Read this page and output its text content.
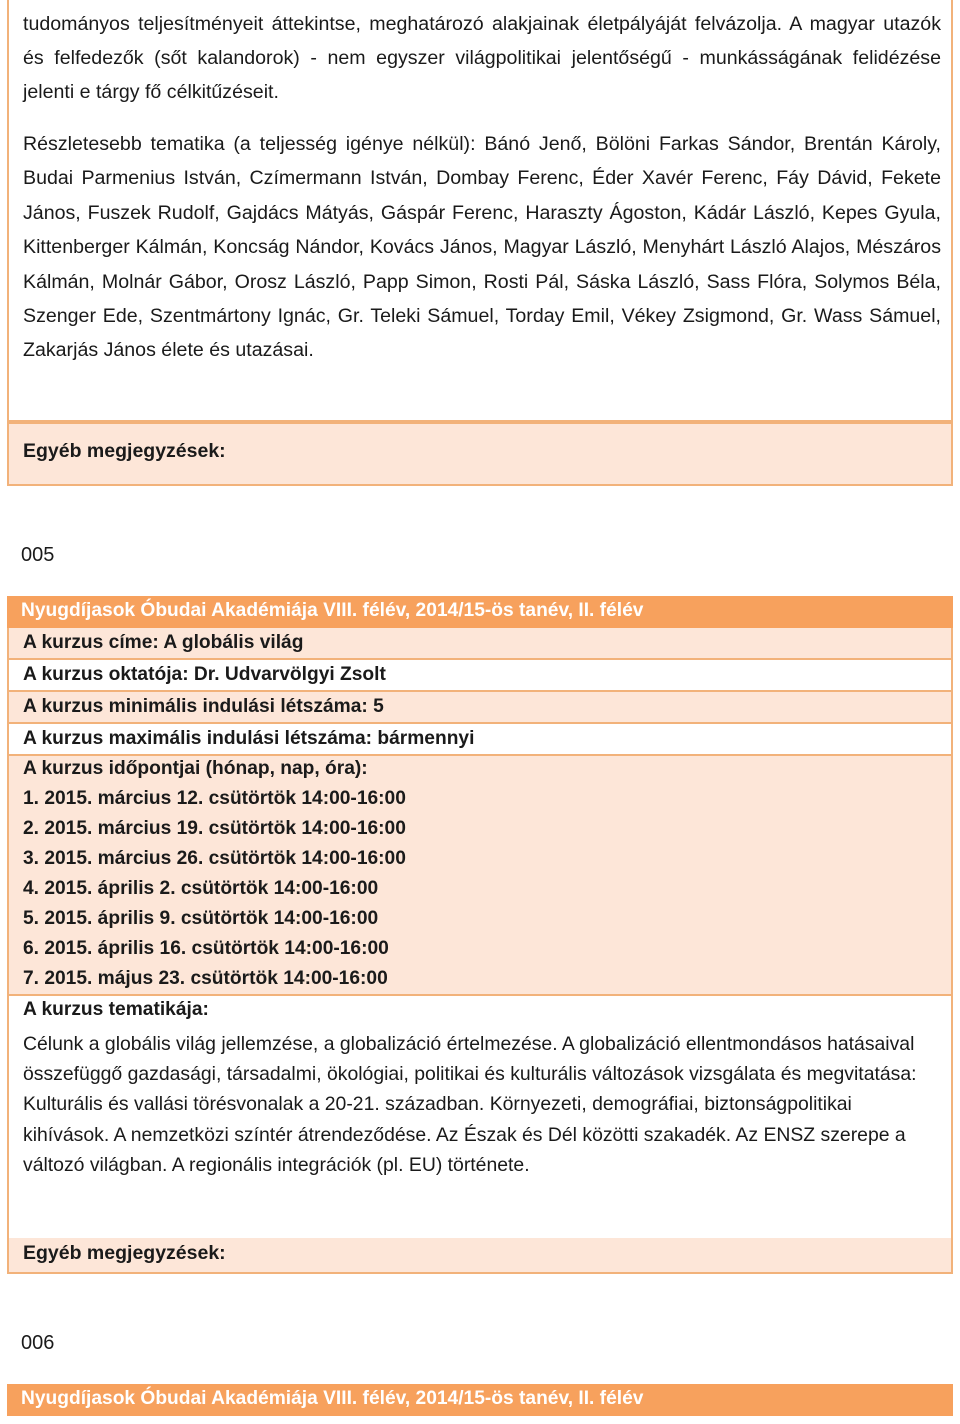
tudományos teljesítményeit áttekintse, meghatározó alakjainak életpályáját felvázolja. A magyar utazók és felfedezők (sőt kalandorok) - nem egyszer világpolitikai jelentőségű - munkásságának felidézése jelenti e tárgy fő célkitűzéseit.
Részletesebb tematika (a teljesség igénye nélkül): Bánó Jenő, Bölöni Farkas Sándor, Brentán Károly, Budai Parmenius István, Czímermann István, Dombay Ferenc, Éder Xavér Ferenc, Fáy Dávid, Fekete János, Fuszek Rudolf, Gajdács Mátyás, Gáspár Ferenc, Haraszty Ágoston, Kádár László, Kepes Gyula, Kittenberger Kálmán, Koncság Nándor, Kovács János, Magyar László, Menyhárt László Alajos, Mészáros Kálmán, Molnár Gábor, Orosz László, Papp Simon, Rosti Pál, Sáska László, Sass Flóra, Solymos Béla, Szenger Ede, Szentmártony Ignác, Gr. Teleki Sámuel, Torday Emil, Vékey Zsigmond, Gr. Wass Sámuel, Zakarjás János élete és utazásai.
Egyéb megjegyzések:
005
Nyugdíjasok Óbudai Akadémiája VIII. félév, 2014/15-ös tanév, II. félév
A kurzus címe: A globális világ
A kurzus oktatója: Dr. Udvarvölgyi Zsolt
A kurzus minimális indulási létszáma: 5
A kurzus maximális indulási létszáma: bármennyi
A kurzus időpontjai (hónap, nap, óra):
1. 2015. március 12. csütörtök 14:00-16:00
2. 2015. március 19. csütörtök 14:00-16:00
3. 2015. március 26. csütörtök 14:00-16:00
4. 2015. április 2. csütörtök 14:00-16:00
5. 2015. április 9. csütörtök 14:00-16:00
6. 2015. április 16. csütörtök 14:00-16:00
7. 2015. május 23. csütörtök 14:00-16:00
A kurzus tematikája:
Célunk a globális világ jellemzése, a globalizáció értelmezése. A globalizáció ellentmondásos hatásaival összefüggő gazdasági, társadalmi, ökológiai, politikai és kulturális változások vizsgálata és megvitatása: Kulturális és vallási törésvonalak a 20-21. században. Környezeti, demográfiai, biztonságpolitikai kihívások. A nemzetközi színtér átrendeződése. Az Észak és Dél közötti szakadék. Az ENSZ szerepe a változó világban. A regionális integrációk (pl. EU) története.
Egyéb megjegyzések:
006
Nyugdíjasok Óbudai Akadémiája VIII. félév, 2014/15-ös tanév, II. félév
